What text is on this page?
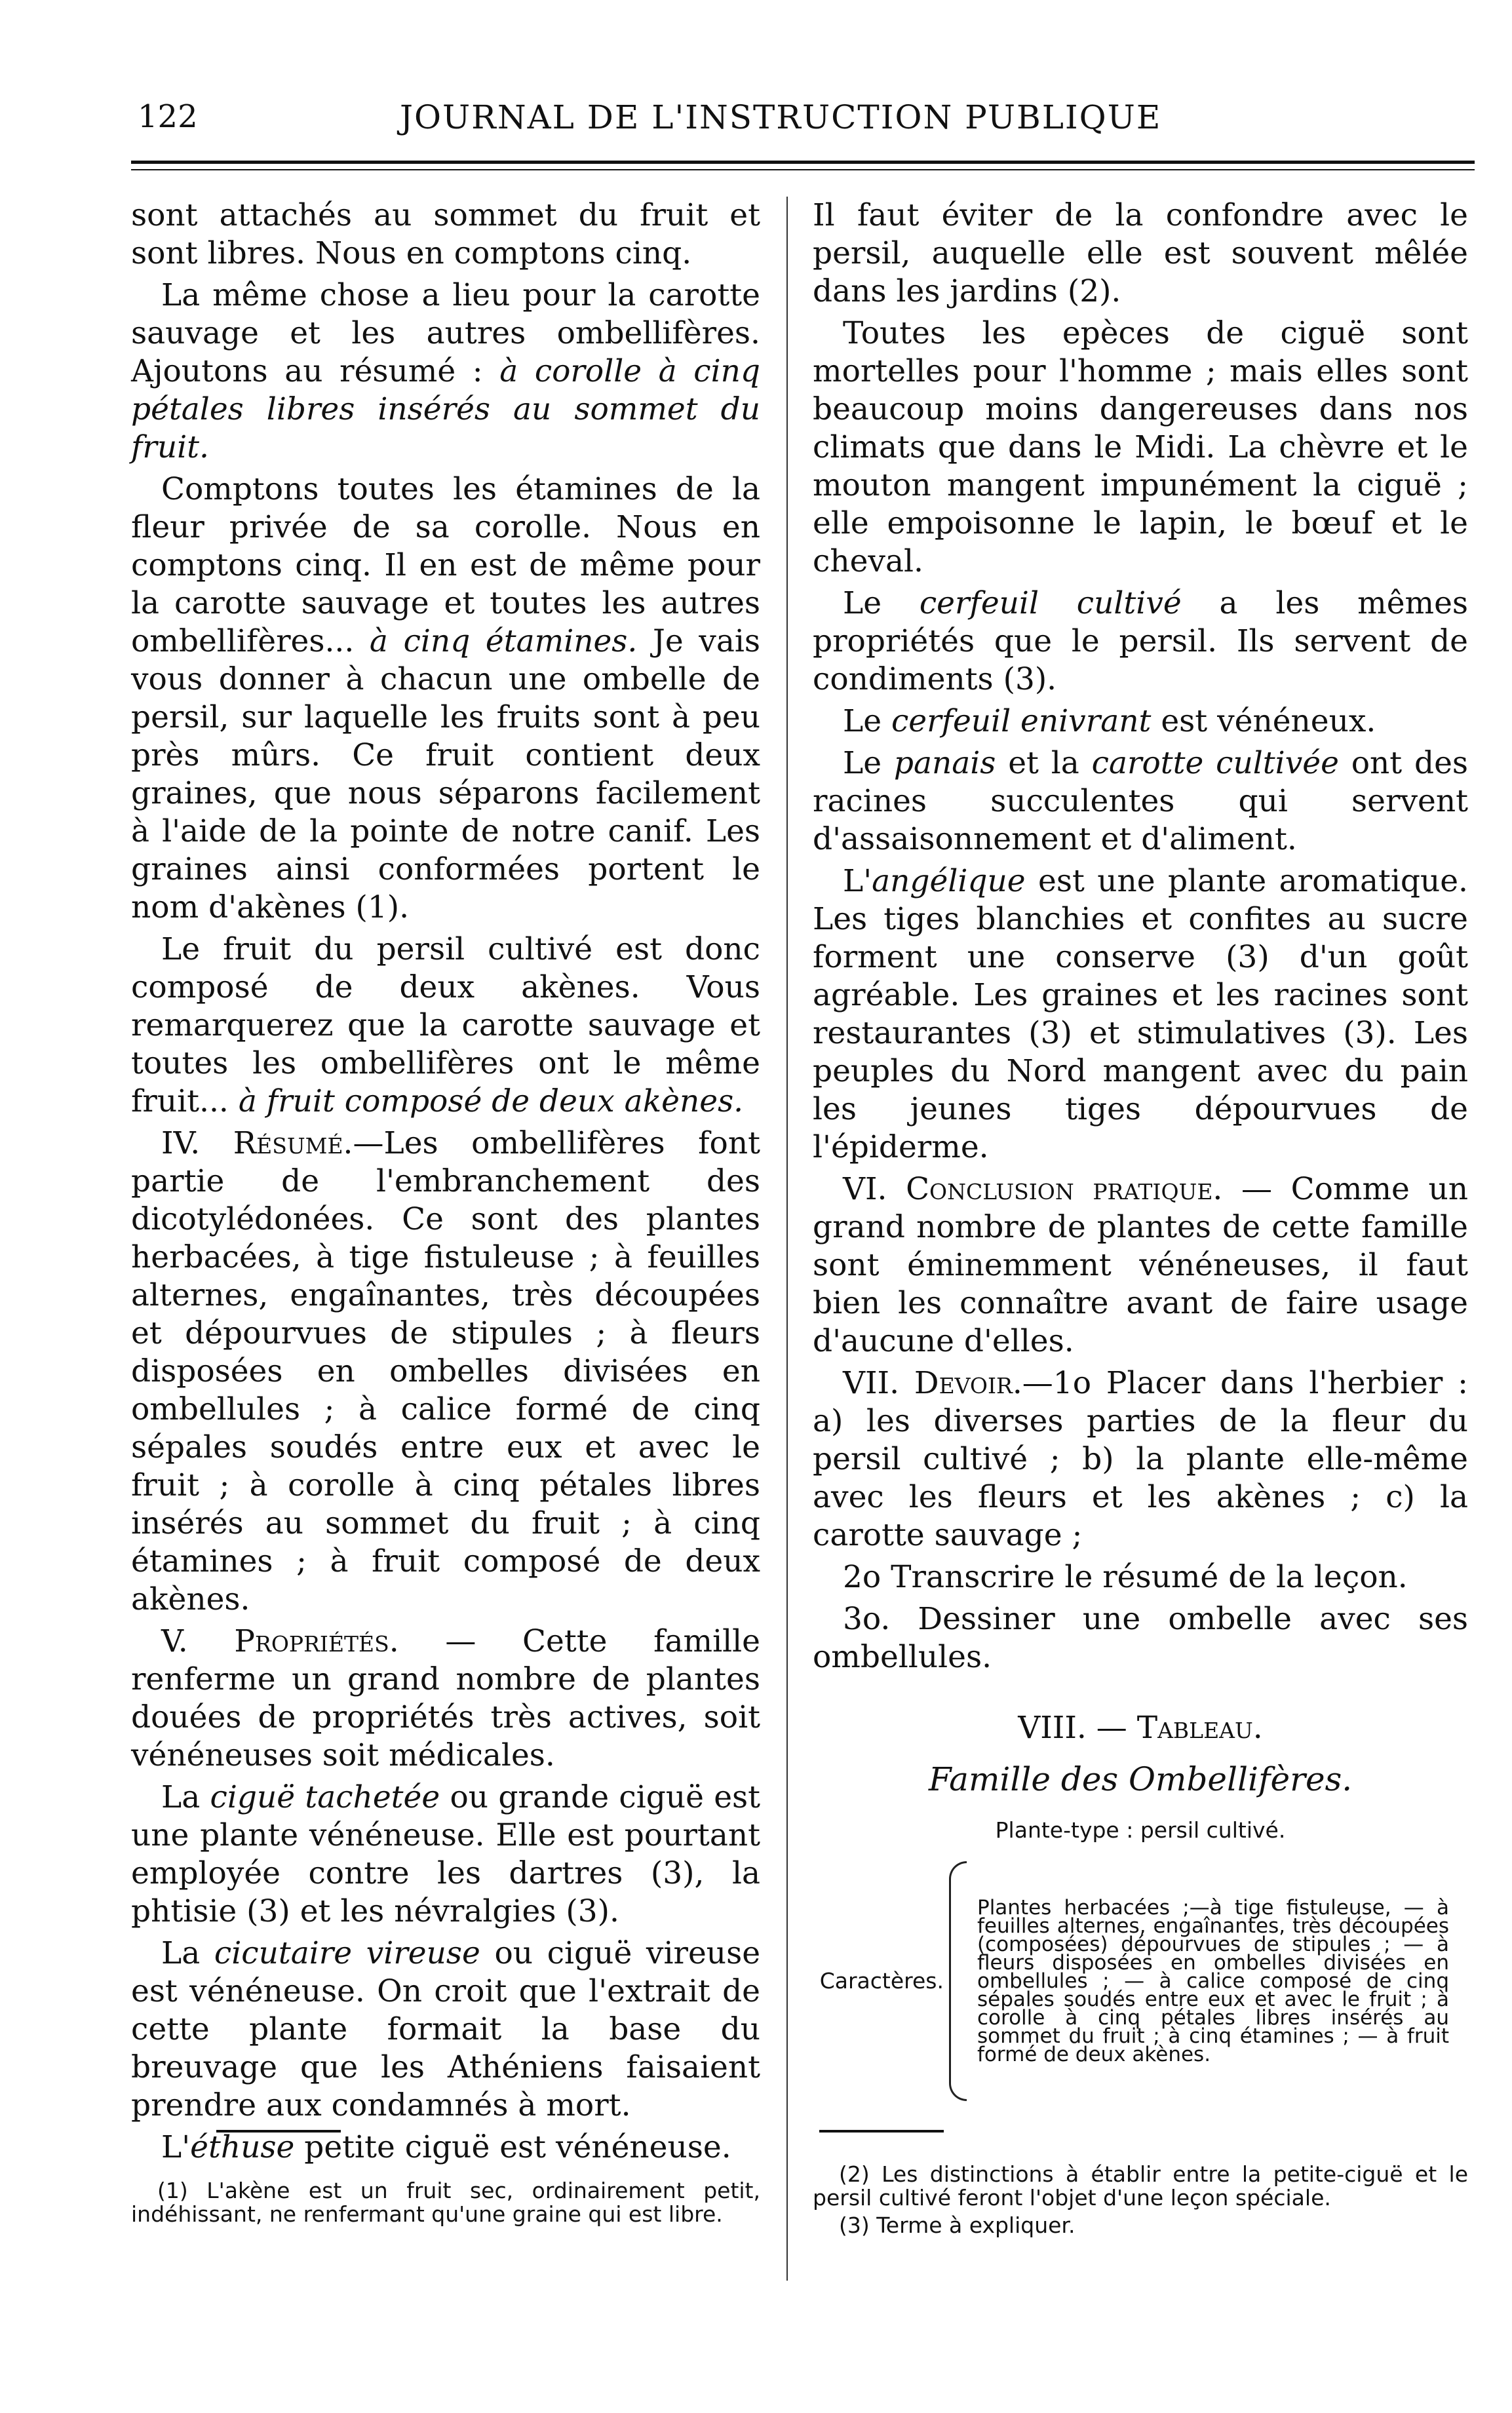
122	JOURNAL DE L'INSTRUCTION PUBLIQUE

sont attachés au sommet du fruit et sont libres. Nous en comptons cinq.

La même chose a lieu pour la carotte sauvage et les autres ombellifères. Ajoutons au résumé : à corolle à cinq pétales libres insérés au sommet du fruit.

Comptons toutes les étamines de la fleur privée de sa corolle. Nous en comptons cinq. Il en est de même pour la carotte sauvage et toutes les autres ombellifères... à cinq étamines. Je vais vous donner à chacun une ombelle de persil, sur laquelle les fruits sont à peu près mûrs. Ce fruit contient deux graines, que nous séparons facilement à l'aide de la pointe de notre canif. Les graines ainsi conformées portent le nom d'akènes (1).

Le fruit du persil cultivé est donc composé de deux akènes. Vous remarquerez que la carotte sauvage et toutes les ombellifères ont le même fruit... à fruit composé de deux akènes.

IV. Résumé.—Les ombellifères font partie de l'embranchement des dicotylédonées. Ce sont des plantes herbacées, à tige fistuleuse ; à feuilles alternes, engaînantes, très découpées et dépourvues de stipules ; à fleurs disposées en ombelles divisées en ombellules ; à calice formé de cinq sépales soudés entre eux et avec le fruit ; à corolle à cinq pétales libres insérés au sommet du fruit ; à cinq étamines ; à fruit composé de deux akènes.

V. Propriétés. — Cette famille renferme un grand nombre de plantes douées de propriétés très actives, soit vénéneuses soit médicales.

La ciguë tachetée ou grande ciguë est une plante vénéneuse. Elle est pourtant employée contre les dartres (3), la phtisie (3) et les névralgies (3).

La cicutaire vireuse ou ciguë vireuse est vénéneuse. On croit que l'extrait de cette plante formait la base du breuvage que les Athéniens faisaient prendre aux condamnés à mort.

L'éthuse petite ciguë est vénéneuse.

Il faut éviter de la confondre avec le persil, auquelle elle est souvent mêlée dans les jardins (2).

Toutes les epèces de ciguë sont mortelles pour l'homme ; mais elles sont beaucoup moins dangereuses dans nos climats que dans le Midi. La chèvre et le mouton mangent impunément la ciguë ; elle empoisonne le lapin, le bœuf et le cheval.

Le cerfeuil cultivé a les mêmes propriétés que le persil. Ils servent de condiments (3).

Le cerfeuil enivrant est vénéneux.

Le panais et la carotte cultivée ont des racines succulentes qui servent d'assaisonnement et d'aliment.

L'angélique est une plante aromatique. Les tiges blanchies et confites au sucre forment une conserve (3) d'un goût agréable. Les graines et les racines sont restaurantes (3) et stimulatives (3). Les peuples du Nord mangent avec du pain les jeunes tiges dépourvues de l'épiderme.

VI. Conclusion pratique. — Comme un grand nombre de plantes de cette famille sont éminemment vénéneuses, il faut bien les connaître avant de faire usage d'aucune d'elles.

VII. Devoir.—1o Placer dans l'herbier : a) les diverses parties de la fleur du persil cultivé ; b) la plante elle-même avec les fleurs et les akènes ; c) la carotte sauvage ;

2o Transcrire le résumé de la leçon.

3o. Dessiner une ombelle avec ses ombellules.

VIII. — Tableau.
Famille des Ombellifères.
Plante-type : persil cultivé.
Caractères.
Plantes herbacées ;—à tige fistuleuse, — à feuilles alternes, engaînantes, très découpées (composées) dépourvues de stipules ; — à fleurs disposées en ombelles divisées en ombellules ; — à calice composé de cinq sépales soudés entre eux et avec le fruit ; à corolle à cinq pétales libres insérés au sommet du fruit ; à cinq étamines ; — à fruit formé de deux akènes.

(1) L'akène est un fruit sec, ordinairement petit, indéhissant, ne renfermant qu'une graine qui est libre.

(2) Les distinctions à établir entre la petite-ciguë et le persil cultivé feront l'objet d'une leçon spéciale.

(3) Terme à expliquer.
